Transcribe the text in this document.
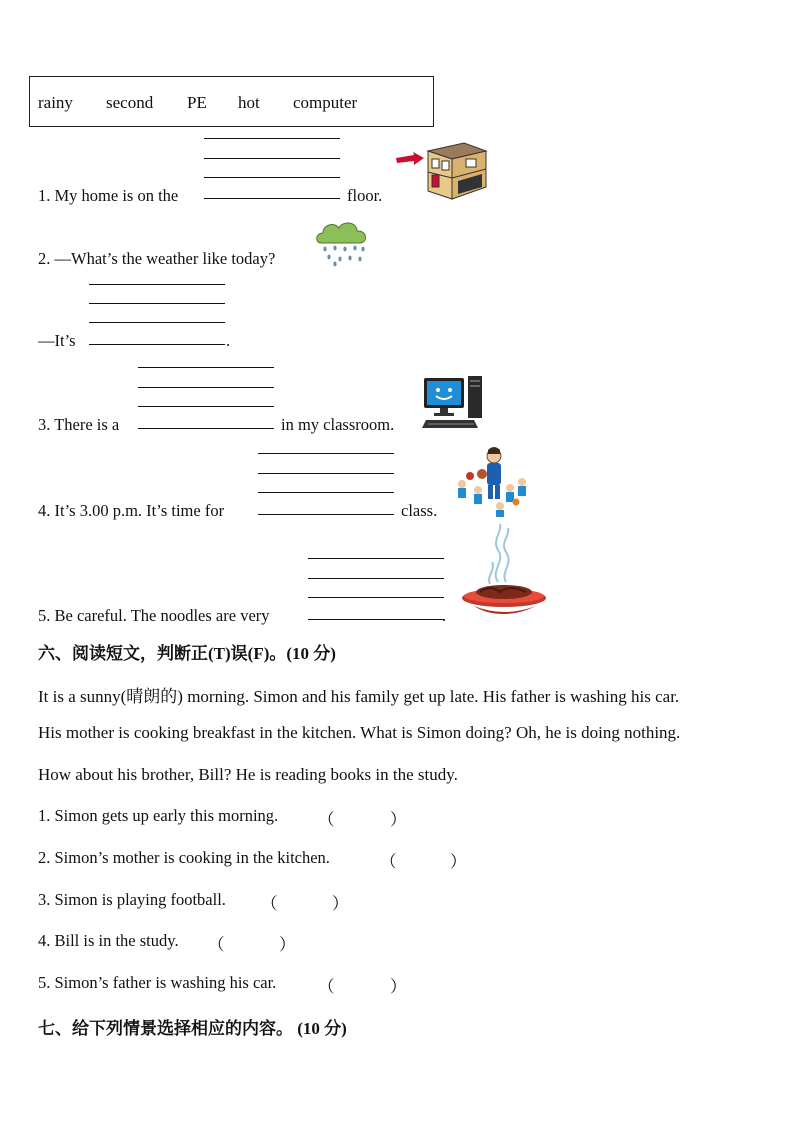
rainy second PE hot computer
1. My home is on the	floor.
2. —What’s the weather like today?
—It’s	.
3. There is a	in my classroom.
4. It’s 3.00 p.m. It’s time for	class.
5. Be careful. The noodles are very	.
六、阅读短文，判断正(T)误(F)。(10 分)
It is a sunny(晴朗的) morning. Simon and his family get up late. His father is washing his car.
His mother is cooking breakfast in the kitchen. What is Simon doing? Oh, he is doing nothing.
How about his brother, Bill? He is reading books in the study.
1. Simon gets up early this morning. （	）
2. Simon’s mother is cooking in the kitchen.	（	）
3. Simon is playing football. （	）
4. Bill is in the study. （	）
5. Simon’s father is washing his car.	（	）
七、给下列情景选择相应的内容。 (10 分)
